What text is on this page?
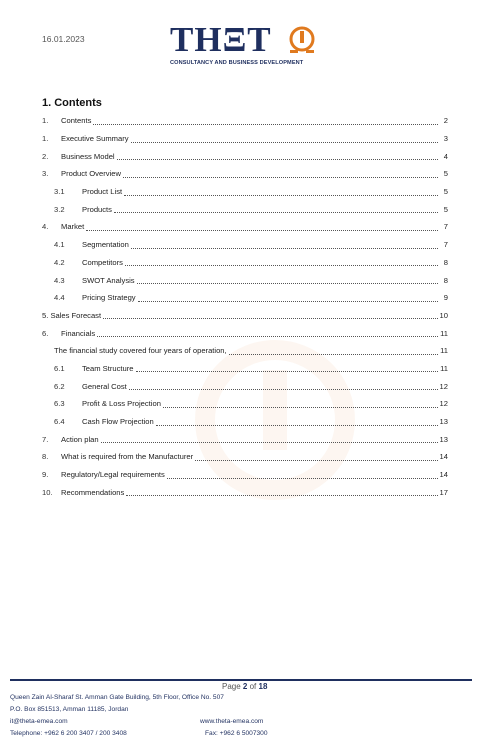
16.01.2023 THΞT
CONSULTANCY AND BUSINESS DEVELOPMENT
1. Contents
1.	Contents	2
1.	Executive Summary	3
2.	Business Model	4
3.	Product Overview	5
3.1	Product List	5
3.2	Products	5
4.	Market	7
4.1	Segmentation	7
4.2	Competitors	8
4.3	SWOT Analysis	8
4.4	Pricing Strategy	9
5. Sales Forecast	10
6.	Financials	11
The financial study covered four years of operation,	11
6.1	Team Structure	11
6.2	General Cost	12
6.3	Profit & Loss Projection	12
6.4	Cash Flow Projection	13
7.	Action plan	13
8.	What is required from the Manufacturer	14
9.	Regulatory/Legal requirements	14
10.	Recommendations	17
Page 2 of 18
Queen Zain Al-Sharaf St. Amman Gate Building, 5th Floor, Office No. 507
P.O. Box 851513, Amman 11185, Jordan
it@theta-emea.com	www.theta-emea.com
Telephone: +962 6 200 3407 / 200 3408	Fax: +962 6 5007300
